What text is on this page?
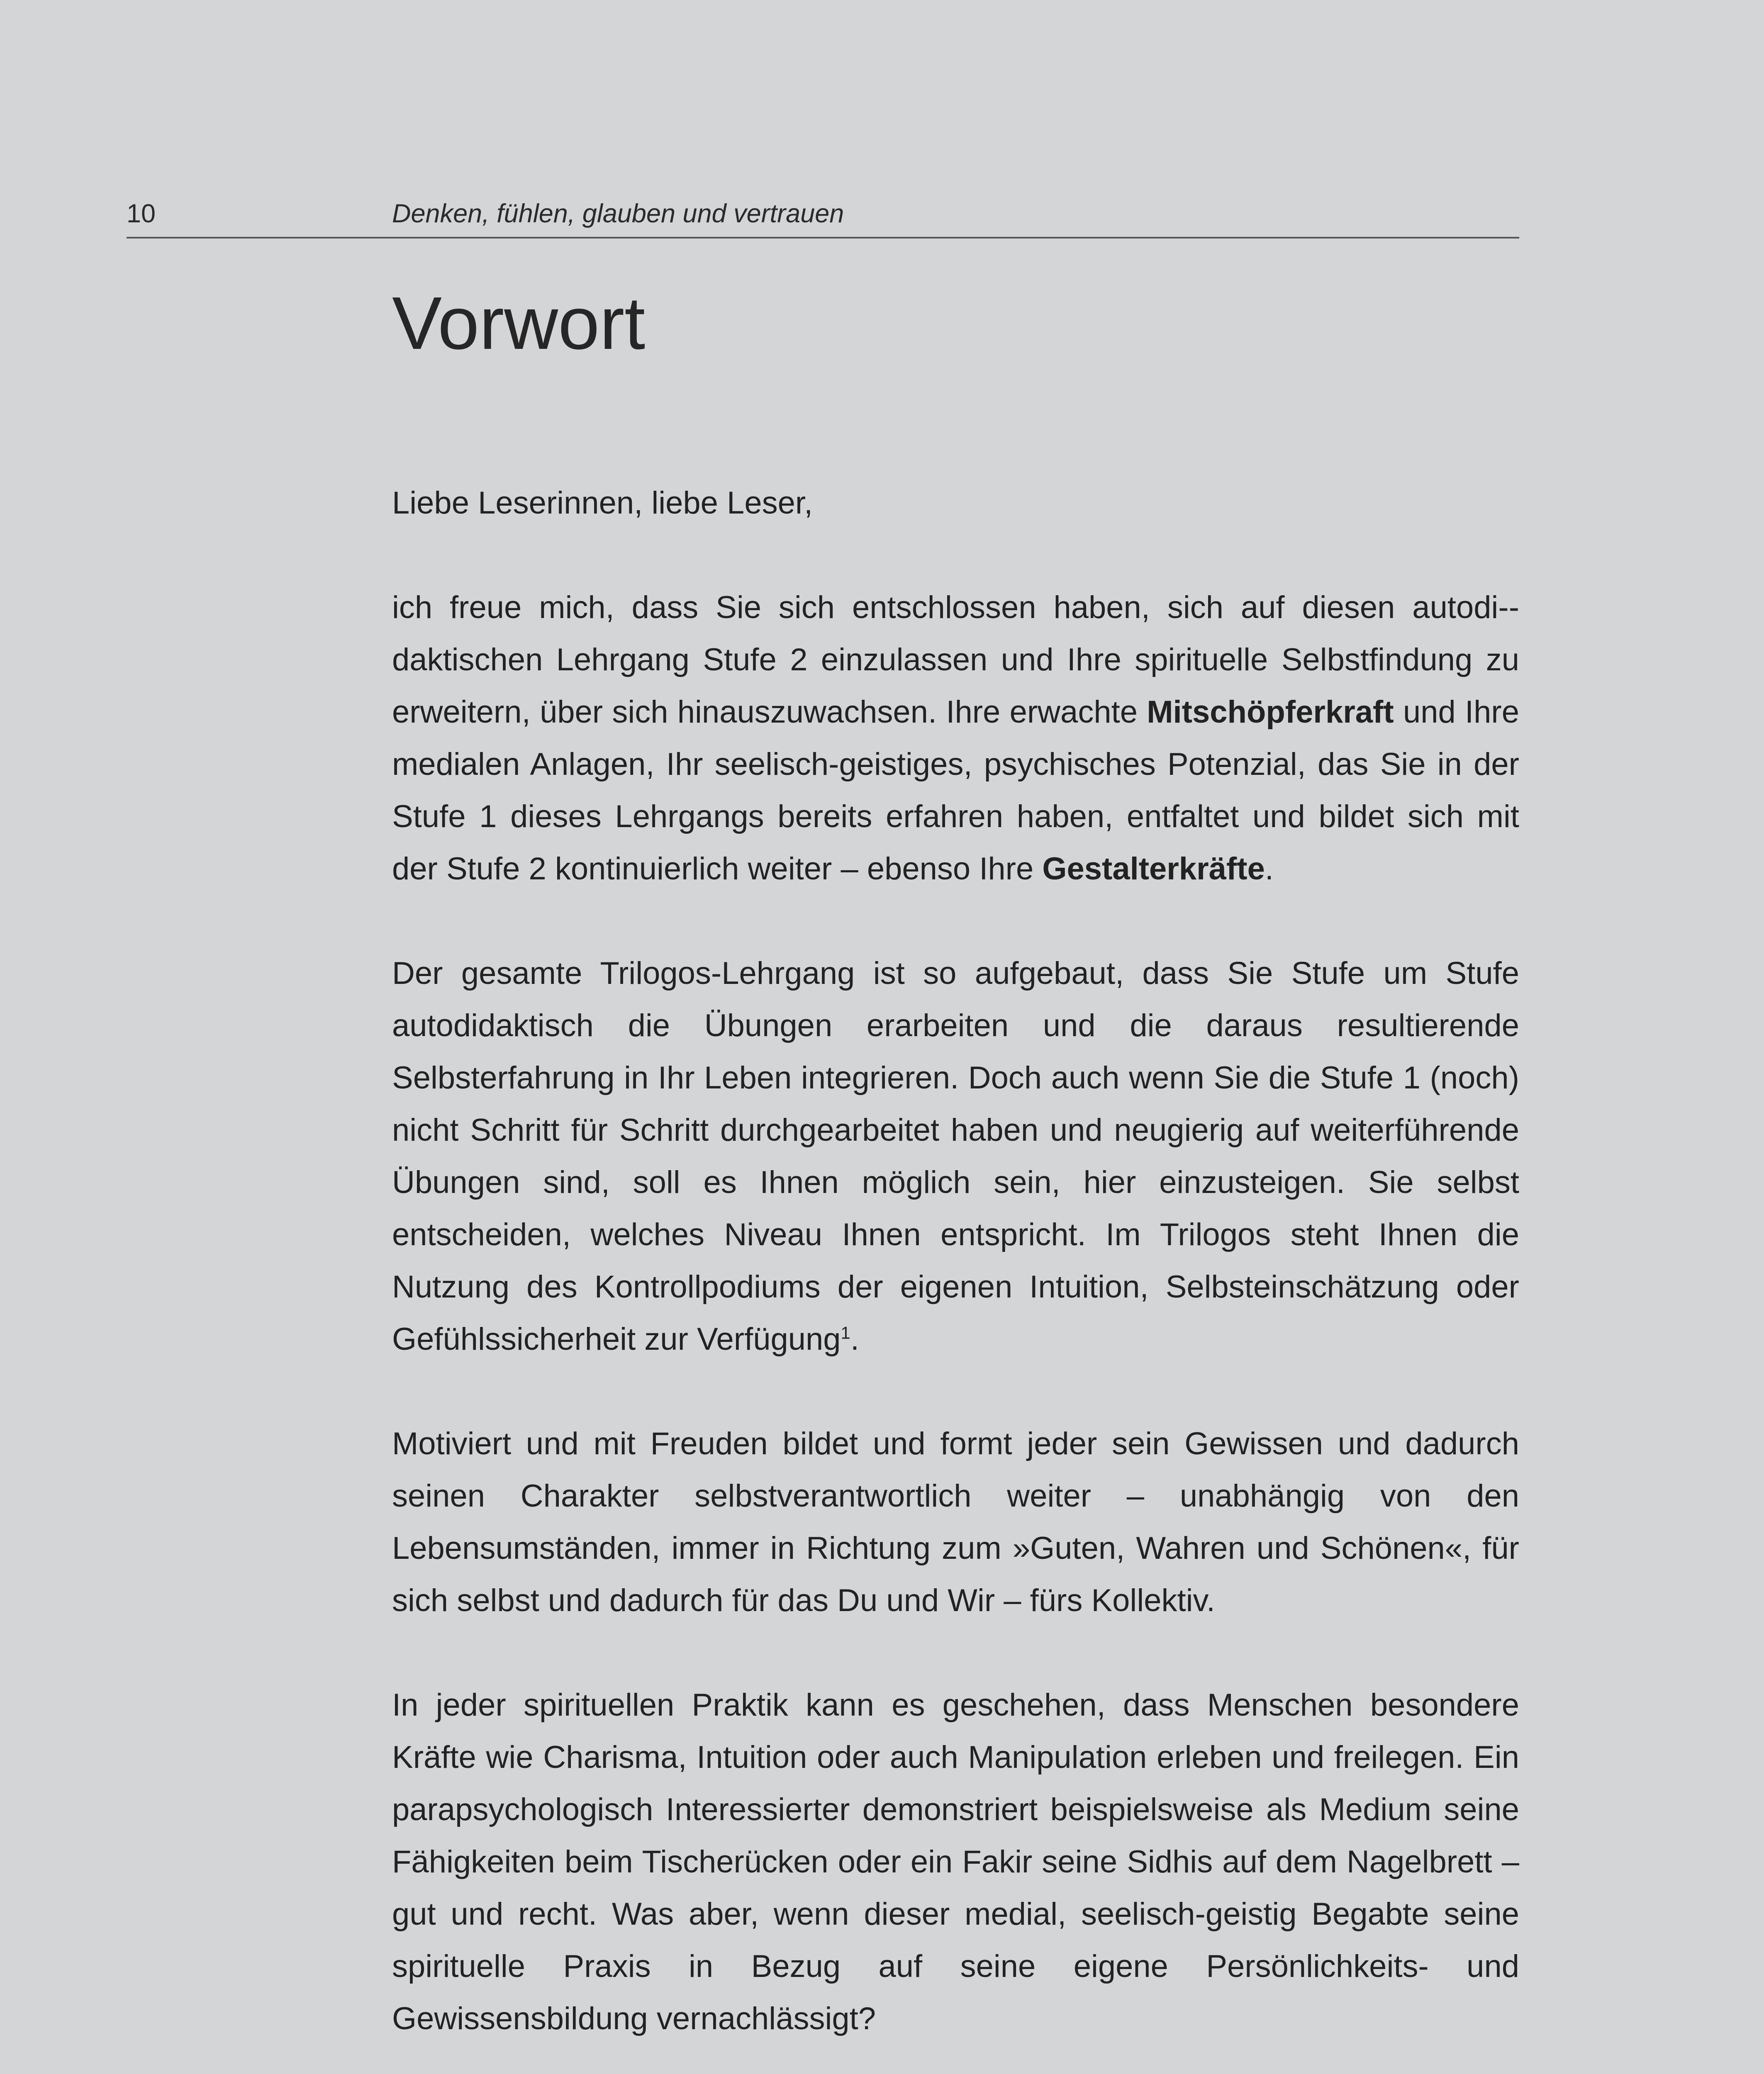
10	Denken, fühlen, glauben und vertrauen
Vorwort

Liebe Leserinnen, liebe Leser,

ich freue mich, dass Sie sich entschlossen haben, sich auf diesen autodi-daktischen Lehrgang Stufe 2 einzulassen und Ihre spirituelle Selbstfindung zu erweitern, über sich hinauszuwachsen. Ihre erwachte Mitschöpferkraft und Ihre medialen Anlagen, Ihr seelisch-geistiges, psychisches Potenzial, das Sie in der Stufe 1 dieses Lehrgangs bereits erfahren haben, entfaltet und bildet sich mit der Stufe 2 kontinuierlich weiter – ebenso Ihre Gestalterkräfte.

Der gesamte Trilogos-Lehrgang ist so aufgebaut, dass Sie Stufe um Stufe autodidaktisch die Übungen erarbeiten und die daraus resultierende Selbsterfahrung in Ihr Leben integrieren. Doch auch wenn Sie die Stufe 1 (noch) nicht Schritt für Schritt durchgearbeitet haben und neugierig auf weiterführende Übungen sind, soll es Ihnen möglich sein, hier einzusteigen. Sie selbst entscheiden, welches Niveau Ihnen entspricht. Im Trilogos steht Ihnen die Nutzung des Kontrollpodiums der eigenen Intuition, Selbsteinschätzung oder Gefühlssicherheit zur Verfügung$^1$.

Motiviert und mit Freuden bildet und formt jeder sein Gewissen und dadurch seinen Charakter selbstverantwortlich weiter – unabhängig von den Lebensumständen, immer in Richtung zum »Guten, Wahren und Schönen«, für sich selbst und dadurch für das Du und Wir – fürs Kollektiv.

In jeder spirituellen Praktik kann es geschehen, dass Menschen besondere Kräfte wie Charisma, Intuition oder auch Manipulation erleben und freilegen. Ein parapsychologisch Interessierter demonstriert beispielsweise als Medium seine Fähigkeiten beim Tischerücken oder ein Fakir seine Sidhis auf dem Nagelbrett – gut und recht. Was aber, wenn dieser medial, seelisch-geistig Begabte seine spirituelle Praxis in Bezug auf seine eigene Persönlichkeits- und Gewissensbildung vernachlässigt?
